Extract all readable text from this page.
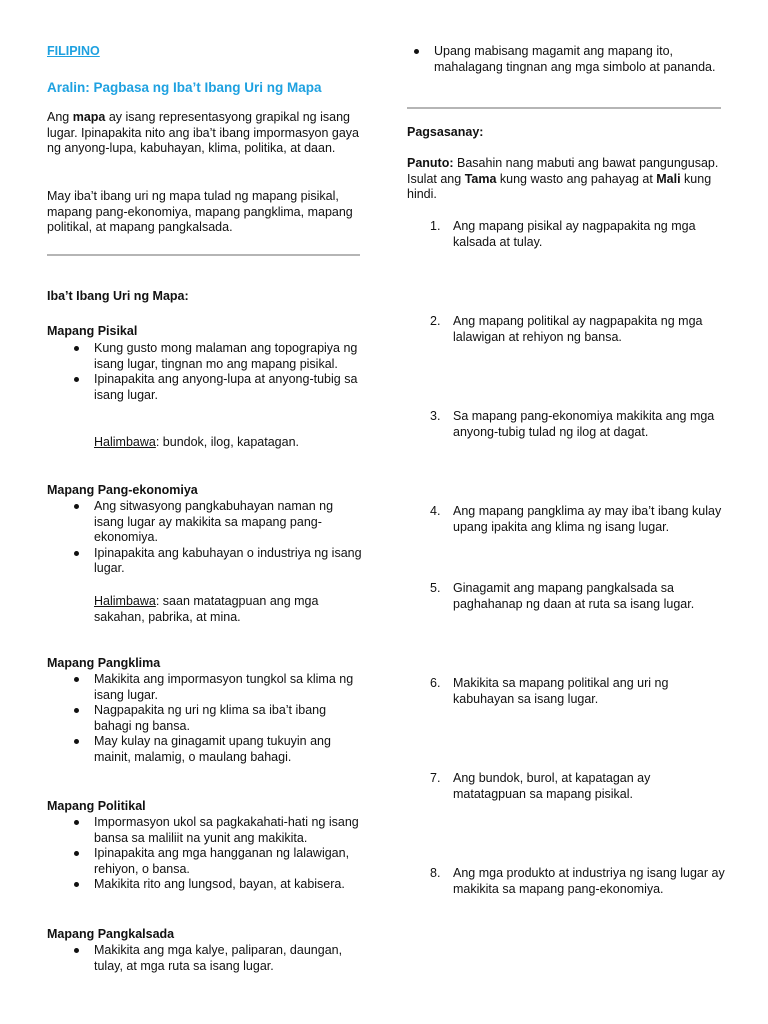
FILIPINO
Aralin: Pagbasa ng Iba’t Ibang Uri ng Mapa

Ang mapa ay isang representasyong grapikal ng isang lugar. Ipinapakita nito ang iba’t ibang impormasyon gaya ng anyong-lupa, kabuhayan, klima, politika, at daan.

May iba’t ibang uri ng mapa tulad ng mapang pisikal, mapang pang-ekonomiya, mapang pangklima, mapang politikal, at mapang pangkalsada.

Iba’t Ibang Uri ng Mapa:
Mapang Pisikal
Kung gusto mong malaman ang topograpiya ng isang lugar, tingnan mo ang mapang pisikal.
Ipinapakita ang anyong-lupa at anyong-tubig sa isang lugar.
Halimbawa: bundok, ilog, kapatagan.
Mapang Pang-ekonomiya
Ang sitwasyong pangkabuhayan naman ng isang lugar ay makikita sa mapang pang-ekonomiya.
Ipinapakita ang kabuhayan o industriya ng isang lugar.
Halimbawa: saan matatagpuan ang mga sakahan, pabrika, at mina.
Mapang Pangklima
Makikita ang impormasyon tungkol sa klima ng isang lugar.
Nagpapakita ng uri ng klima sa iba’t ibang bahagi ng bansa.
May kulay na ginagamit upang tukuyin ang mainit, malamig, o maulang bahagi.
Mapang Politikal
Impormasyon ukol sa pagkakahati-hati ng isang bansa sa maliliit na yunit ang makikita.
Ipinapakita ang mga hangganan ng lalawigan, rehiyon, o bansa.
Makikita rito ang lungsod, bayan, at kabisera.
Mapang Pangkalsada
Makikita ang mga kalye, paliparan, daungan, tulay, at mga ruta sa isang lugar.
Upang mabisang magamit ang mapang ito, mahalagang tingnan ang mga simbolo at pananda.
Pagsasanay:

Panuto: Basahin nang mabuti ang bawat pangungusap. Isulat ang Tama kung wasto ang pahayag at Mali kung hindi.

1. Ang mapang pisikal ay nagpapakita ng mga kalsada at tulay.
2. Ang mapang politikal ay nagpapakita ng mga lalawigan at rehiyon ng bansa.
3. Sa mapang pang-ekonomiya makikita ang mga anyong-tubig tulad ng ilog at dagat.
4. Ang mapang pangklima ay may iba’t ibang kulay upang ipakita ang klima ng isang lugar.
5. Ginagamit ang mapang pangkalsada sa paghahanap ng daan at ruta sa isang lugar.
6. Makikita sa mapang politikal ang uri ng kabuhayan sa isang lugar.
7. Ang bundok, burol, at kapatagan ay matatagpuan sa mapang pisikal.
8. Ang mga produkto at industriya ng isang lugar ay makikita sa mapang pang-ekonomiya.
